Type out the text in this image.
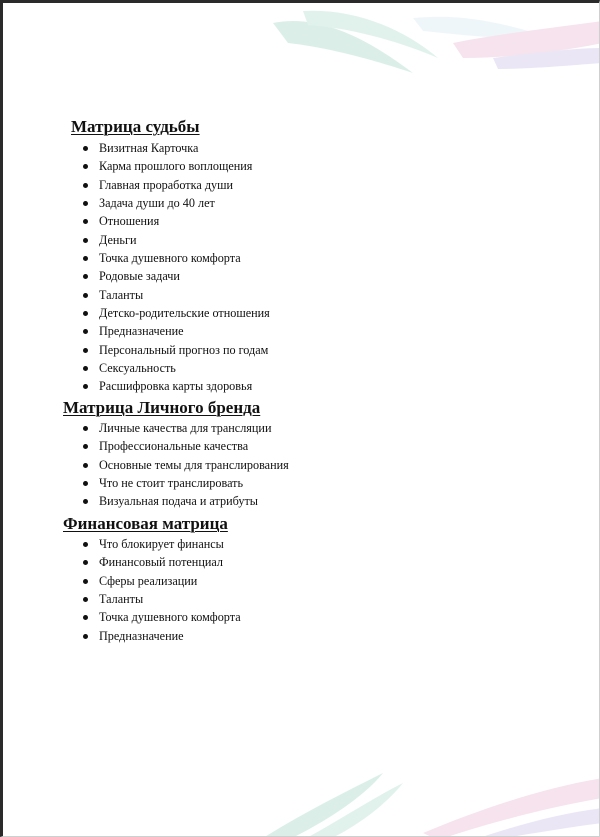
Матрица судьбы
Визитная Карточка
Карма прошлого воплощения
Главная проработка души
Задача души до 40 лет
Отношения
Деньги
Точка душевного комфорта
Родовые задачи
Таланты
Детско-родительские отношения
Предназначение
Персональный прогноз по годам
Сексуальность
Расшифровка карты здоровья
Матрица Личного бренда
Личные качества для трансляции
Профессиональные качества
Основные темы для транслирования
Что не стоит транслировать
Визуальная подача и атрибуты
Финансовая матрица
Что блокирует финансы
Финансовый потенциал
Сферы реализации
Таланты
Точка душевного комфорта
Предназначение
